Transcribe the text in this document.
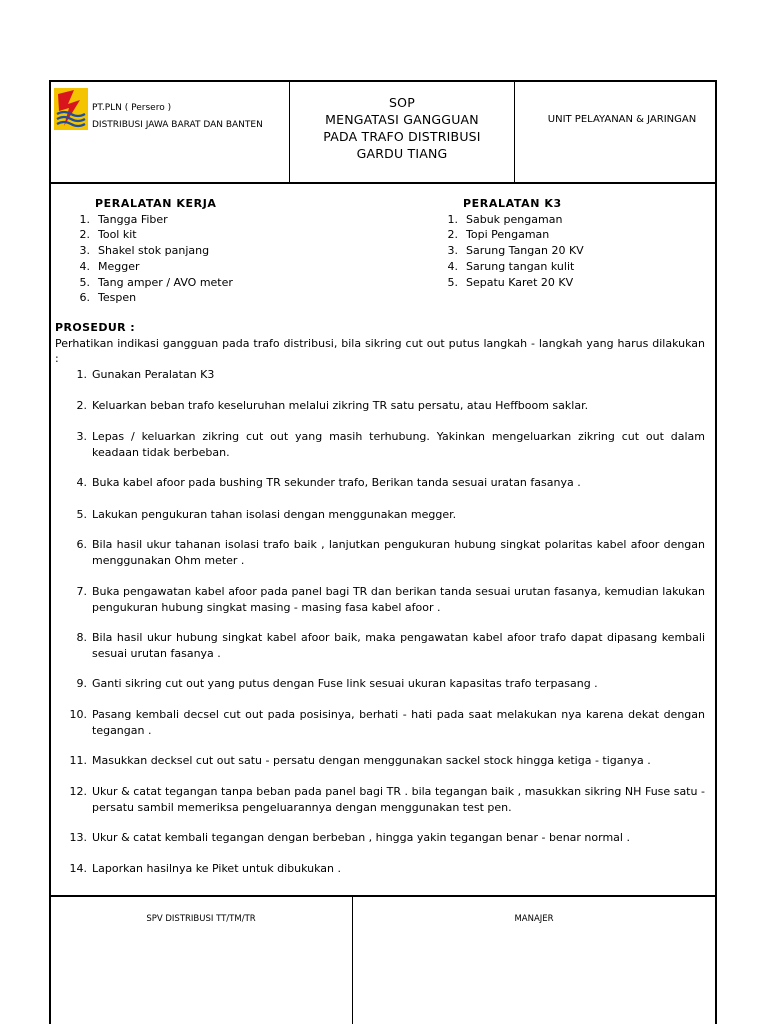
PT.PLN ( Persero )
DISTRIBUSI JAWA BARAT DAN BANTEN
SOP
MENGATASI GANGGUAN
PADA TRAFO DISTRIBUSI
GARDU TIANG
UNIT PELAYANAN & JARINGAN
PERALATAN KERJA
1. Tangga Fiber
2. Tool kit
3. Shakel stok panjang
4. Megger
5. Tang amper / AVO meter
6. Tespen
PERALATAN K3
1. Sabuk pengaman
2. Topi Pengaman
3. Sarung Tangan 20 KV
4. Sarung tangan kulit
5. Sepatu Karet 20 KV
PROSEDUR :
Perhatikan indikasi gangguan pada trafo distribusi, bila sikring cut out putus langkah - langkah yang harus dilakukan :
1. Gunakan Peralatan K3
2. Keluarkan beban trafo keseluruhan melalui zikring TR satu persatu, atau Heffboom saklar.
3. Lepas / keluarkan zikring cut out yang masih terhubung. Yakinkan mengeluarkan zikring cut out dalam keadaan tidak berbeban.
4. Buka kabel afoor pada bushing TR sekunder trafo, Berikan tanda sesuai uratan fasanya .
5. Lakukan pengukuran tahan isolasi dengan menggunakan megger.
6. Bila hasil ukur tahanan isolasi trafo baik , lanjutkan pengukuran hubung singkat polaritas kabel afoor dengan menggunakan Ohm meter .
7. Buka pengawatan kabel afoor pada panel bagi TR dan berikan tanda sesuai urutan fasanya, kemudian lakukan pengukuran hubung singkat masing - masing fasa kabel afoor .
8. Bila hasil ukur hubung singkat kabel afoor baik, maka pengawatan kabel afoor trafo dapat dipasang kembali sesuai urutan fasanya .
9. Ganti sikring cut out yang putus dengan Fuse link sesuai ukuran kapasitas trafo terpasang .
10. Pasang kembali decsel cut out pada posisinya, berhati - hati pada saat melakukan nya karena dekat dengan tegangan .
11. Masukkan decksel cut out satu - persatu dengan menggunakan sackel stock hingga ketiga - tiganya .
12. Ukur & catat tegangan tanpa beban pada panel bagi TR . bila tegangan baik , masukkan sikring NH Fuse satu - persatu sambil memeriksa pengeluarannya dengan menggunakan test pen.
13. Ukur & catat kembali tegangan dengan berbeban , hingga yakin tegangan benar - benar normal .
14. Laporkan hasilnya ke Piket untuk dibukukan .
SPV DISTRIBUSI TT/TM/TR	MANAJER
